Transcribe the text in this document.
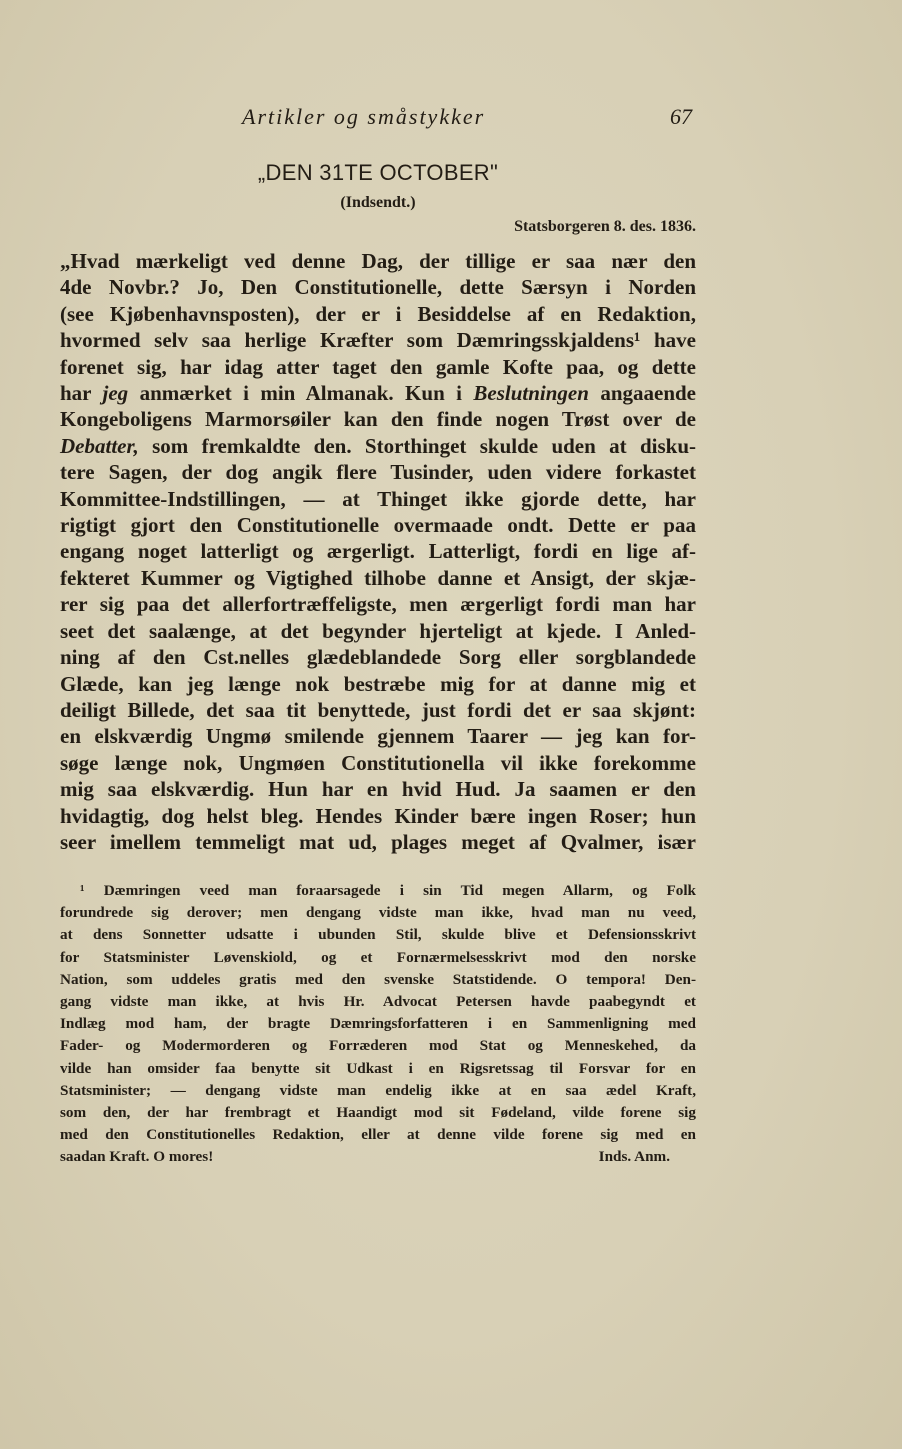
Artikler og småstykker	67
„DEN 31TE OCTOBER"
(Indsendt.)
Statsborgeren 8. des. 1836.
„Hvad mærkeligt ved denne Dag, der tillige er saa nær den
4de Novbr.? Jo, Den Constitutionelle, dette Særsyn i Norden
(see Kjøbenhavnsposten), der er i Besiddelse af en Redaktion,
hvormed selv saa herlige Kræfter som Dæmringsskjaldens¹ have
forenet sig, har idag atter taget den gamle Kofte paa, og dette
har jeg anmærket i min Almanak. Kun i Beslutningen angaaende
Kongeboligens Marmorsøiler kan den finde nogen Trøst over de
Debatter, som fremkaldte den. Storthinget skulde uden at disku-
tere Sagen, der dog angik flere Tusinder, uden videre forkastet
Kommittee-Indstillingen, — at Thinget ikke gjorde dette, har
rigtigt gjort den Constitutionelle overmaade ondt. Dette er paa
engang noget latterligt og ærgerligt. Latterligt, fordi en lige af-
fekteret Kummer og Vigtighed tilhobe danne et Ansigt, der skjæ-
rer sig paa det allerfortræffeligste, men ærgerligt fordi man har
seet det saalænge, at det begynder hjerteligt at kjede. I Anled-
ning af den Cst.nelles glædeblandede Sorg eller sorgblandede
Glæde, kan jeg længe nok bestræbe mig for at danne mig et
deiligt Billede, det saa tit benyttede, just fordi det er saa skjønt:
en elskværdig Ungmø smilende gjennem Taarer — jeg kan for-
søge længe nok, Ungmøen Constitutionella vil ikke forekomme
mig saa elskværdig. Hun har en hvid Hud. Ja saamen er den
hvidagtig, dog helst bleg. Hendes Kinder bære ingen Roser; hun
seer imellem temmeligt mat ud, plages meget af Qvalmer, især
¹ Dæmringen veed man foraarsagede i sin Tid megen Allarm, og Folk
forundrede sig derover; men dengang vidste man ikke, hvad man nu veed,
at dens Sonnetter udsatte i ubunden Stil, skulde blive et Defensionsskrivt
for Statsminister Løvenskiold, og et Fornærmelsesskrivt mod den norske
Nation, som uddeles gratis med den svenske Statstidende. O tempora! Den-
gang vidste man ikke, at hvis Hr. Advocat Petersen havde paabegyndt et
Indlæg mod ham, der bragte Dæmringsforfatteren i en Sammenligning med
Fader- og Modermorderen og Forræderen mod Stat og Menneskehed, da
vilde han omsider faa benytte sit Udkast i en Rigsretssag til Forsvar for en
Statsminister; — dengang vidste man endelig ikke at en saa ædel Kraft,
som den, der har frembragt et Haandigt mod sit Fødeland, vilde forene sig
med den Constitutionelles Redaktion, eller at denne vilde forene sig med en
Inds. Anm.
saadan Kraft. O mores!
